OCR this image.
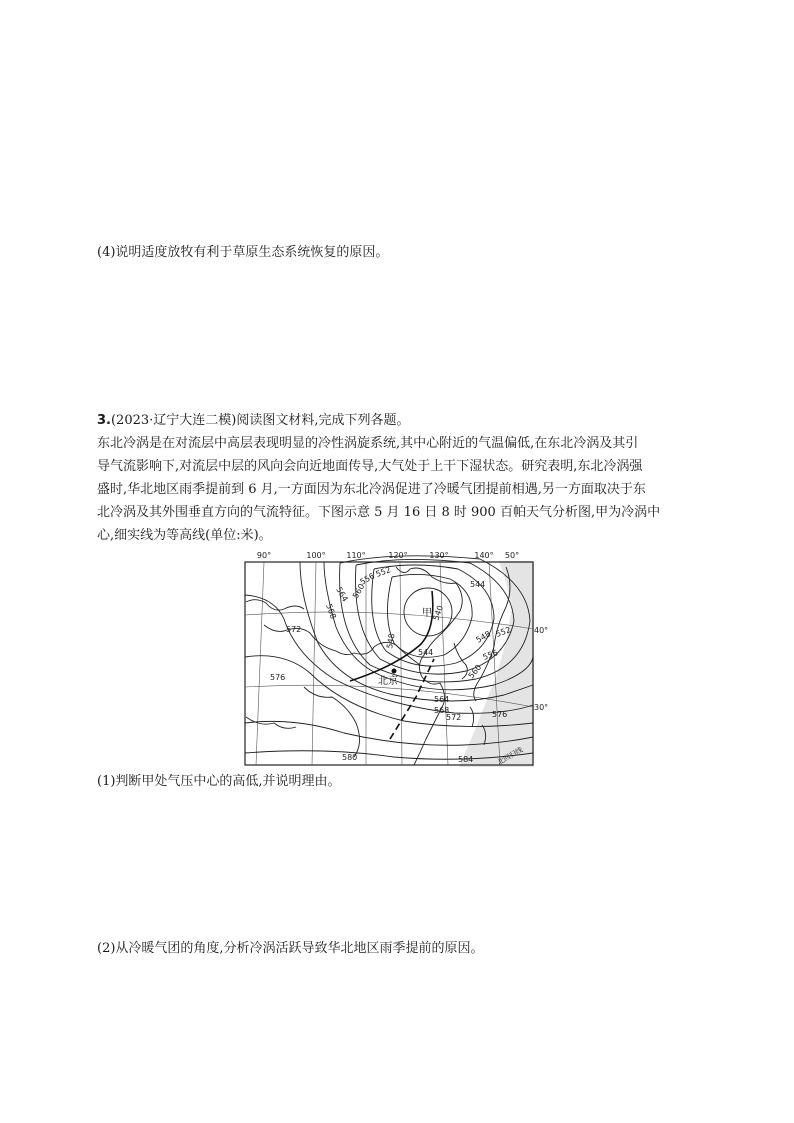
(4)说明适度放牧有利于草原生态系统恢复的原因。
3.(2023·辽宁大连二模)阅读图文材料,完成下列各题。
东北冷涡是在对流层中高层表现明显的冷性涡旋系统,其中心附近的气温偏低,在东北冷涡及其引
导气流影响下,对流层中层的风向会向近地面传导,大气处于上干下湿状态。研究表明,东北冷涡强
盛时,华北地区雨季提前到 6 月,一方面因为东北冷涡促进了冷暖气团提前相遇,另一方面取决于东
北冷涡及其外围垂直方向的气流特征。下图示意 5 月 16 日 8 时 900 百帕天气分析图,甲为冷涡中
心,细实线为等高线(单位:米)。
90°	100°	110°	120°	130°	140° 50°
40°
30°
540
544
548
552
556
560
564
568
572
576
580	584
544
548 552
556
560
564
568
572	576
甲
北京
北回归线
(1)判断甲处气压中心的高低,并说明理由。
(2)从冷暖气团的角度,分析冷涡活跃导致华北地区雨季提前的原因。
